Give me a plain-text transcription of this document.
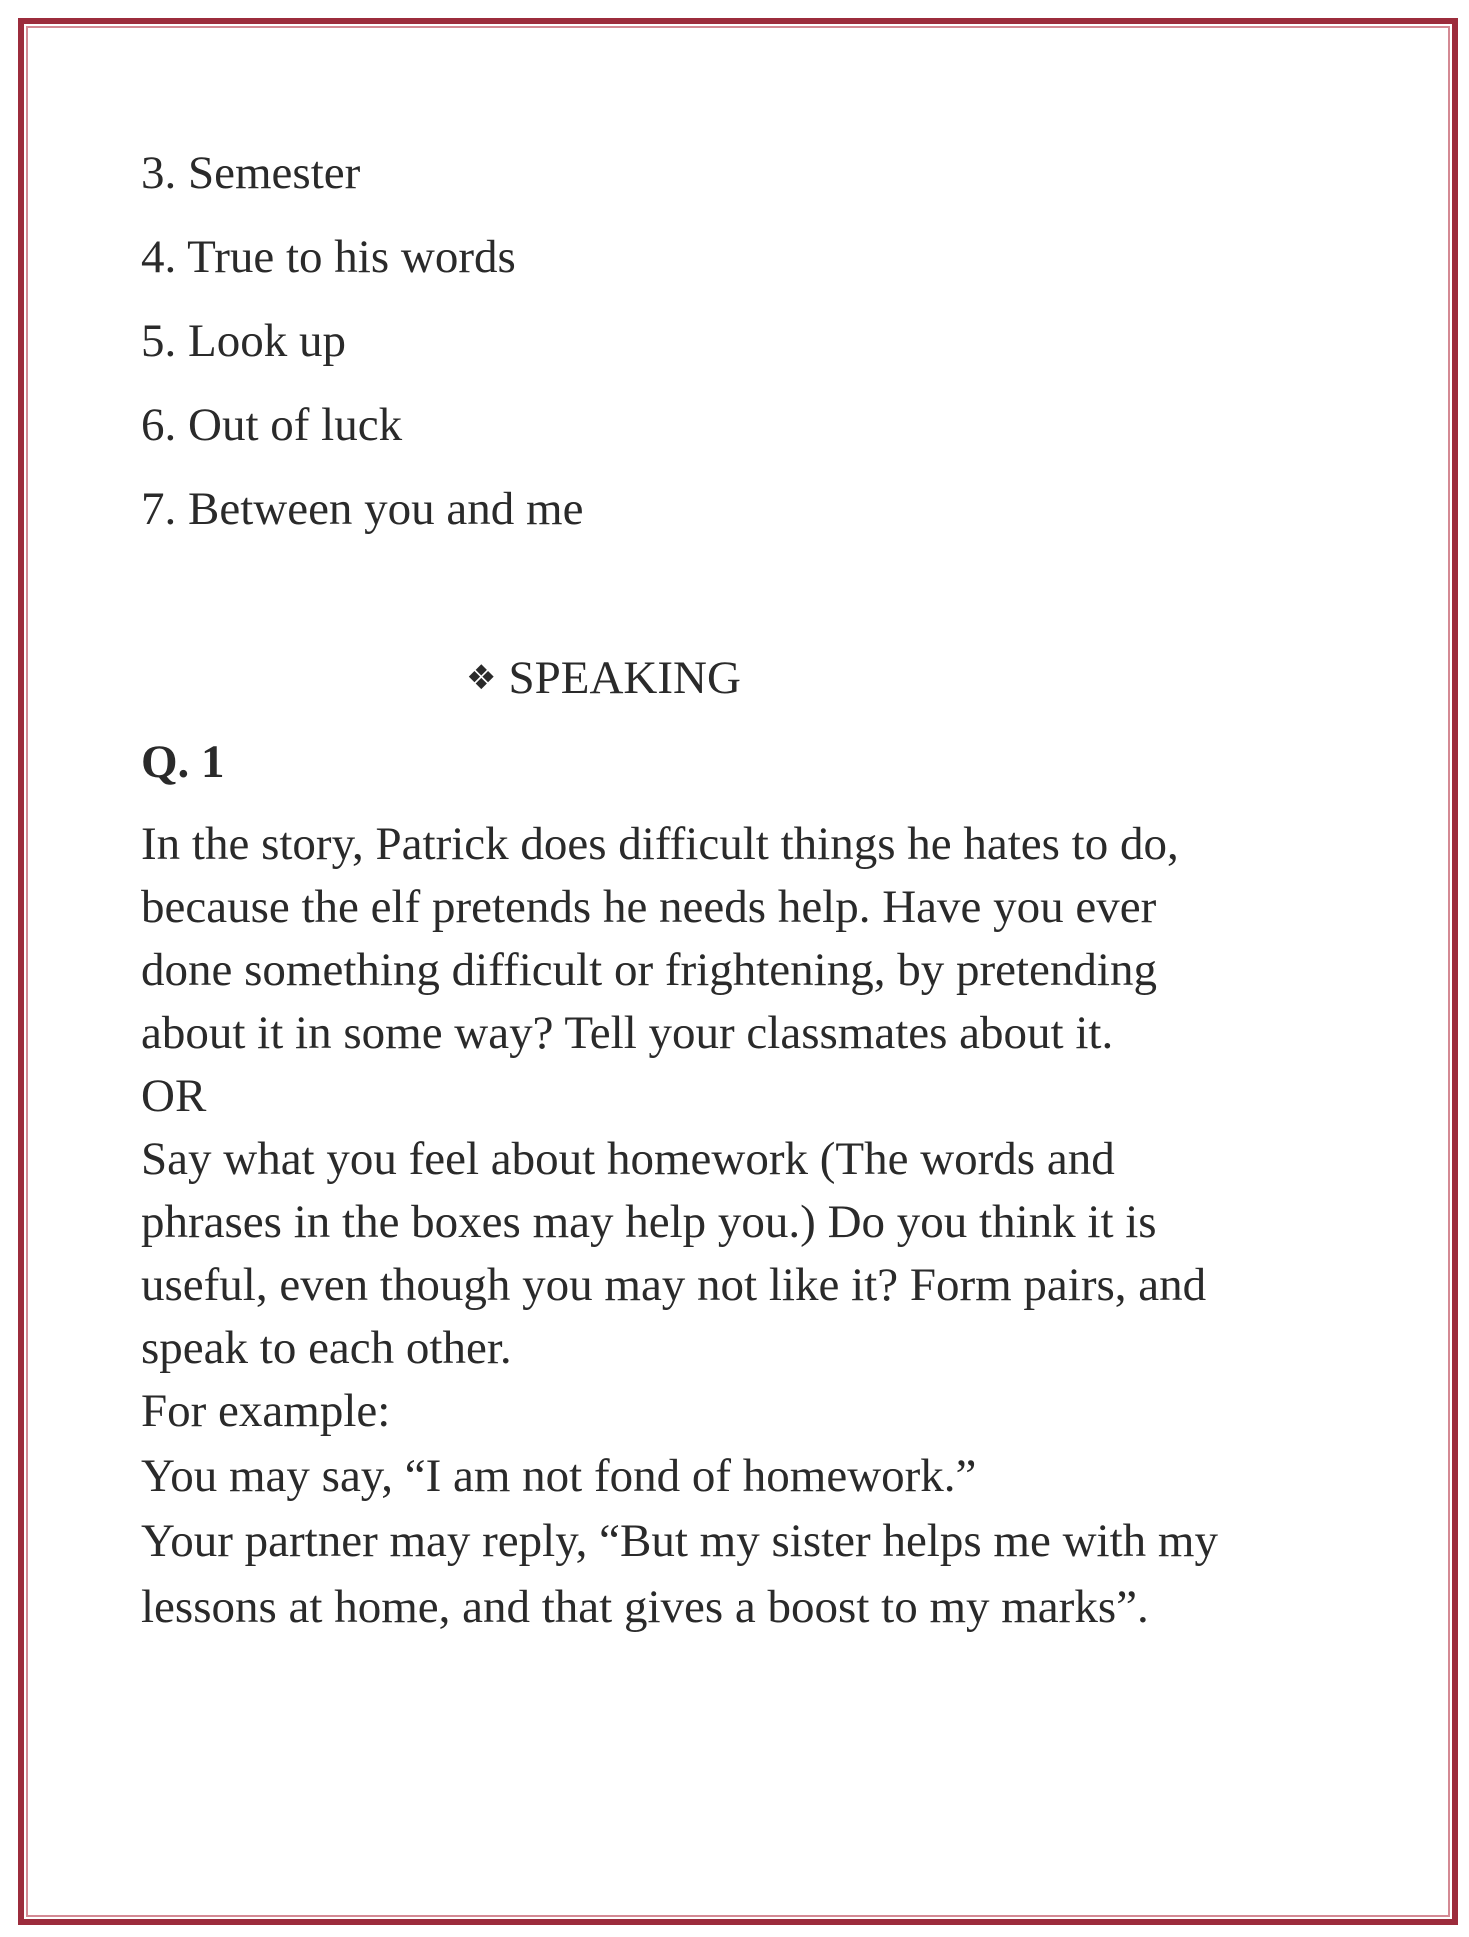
3. Semester
4. True to his words
5. Look up
6. Out of luck
7. Between you and me
❖ SPEAKING
Q. 1
In the story, Patrick does difficult things he hates to do,
because the elf pretends he needs help. Have you ever
done something difficult or frightening, by pretending
about it in some way? Tell your classmates about it.
OR
Say what you feel about homework (The words and
phrases in the boxes may help you.) Do you think it is
useful, even though you may not like it? Form pairs, and
speak to each other.
For example:
You may say, “I am not fond of homework.”
Your partner may reply, “But my sister helps me with my
lessons at home, and that gives a boost to my marks”.
